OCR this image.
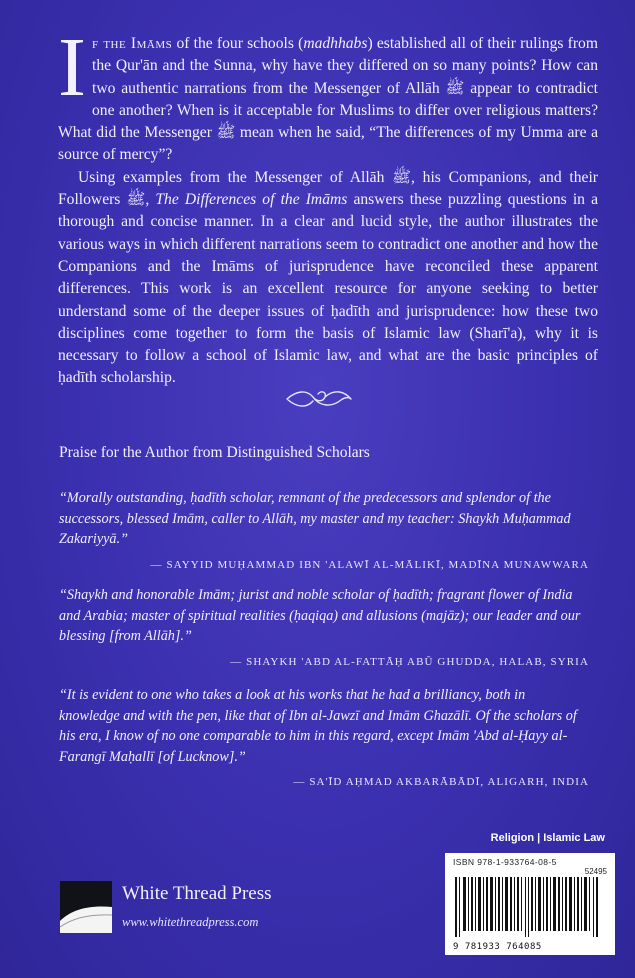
If the Imāms of the four schools (madhhabs) established all of their rulings from the Qur'ān and the Sunna, why have they differed on so many points? How can two authentic narrations from the Messenger of Allāh ﷺ appear to contradict one another? When is it acceptable for Muslims to differ over religious matters? What did the Messenger ﷺ mean when he said, “The differences of my Umma are a source of mercy”?

Using examples from the Messenger of Allāh ﷺ, his Companions, and their Followers ﷺ, The Differences of the Imāms answers these puzzling questions in a thorough and concise manner. In a clear and lucid style, the author illustrates the various ways in which different narrations seem to contradict one another and how the Companions and the Imāms of jurisprudence have reconciled these apparent differences. This work is an excellent resource for anyone seeking to better understand some of the deeper issues of ḥadīth and jurisprudence: how these two disciplines come together to form the basis of Islamic law (Sharī'a), why it is necessary to follow a school of Islamic law, and what are the basic principles of ḥadīth scholarship.

Praise for the Author from Distinguished Scholars

“Morally outstanding, ḥadīth scholar, remnant of the predecessors and splendor of the successors, blessed Imām, caller to Allāh, my master and my teacher: Shaykh Muḥammad Zakariyyā.”

— SAYYID MUḤAMMAD IBN 'ALAWĪ AL-MĀLIKĪ, MADĪNA MUNAWWARA

“Shaykh and honorable Imām; jurist and noble scholar of ḥadīth; fragrant flower of India and Arabia; master of spiritual realities (ḥaqiqa) and allusions (majāz); our leader and our blessing [from Allāh].”

— SHAYKH 'ABD AL-FATTĀḤ ABŪ GHUDDA, HALAB, SYRIA

“It is evident to one who takes a look at his works that he had a brilliancy, both in knowledge and with the pen, like that of Ibn al-Jawzī and Imām Ghazālī. Of the scholars of his era, I know of no one comparable to him in this regard, except Imām 'Abd al-Ḥayy al-Farangī Maḥallī [of Lucknow].”

— SA'ĪD AḤMAD AKBARĀBĀDĪ, ALIGARH, INDIA
Religion | Islamic Law
ISBN 978-1-933764-08-5
52495
9 781933 764085
White Thread Press
www.whitethreadpress.com
